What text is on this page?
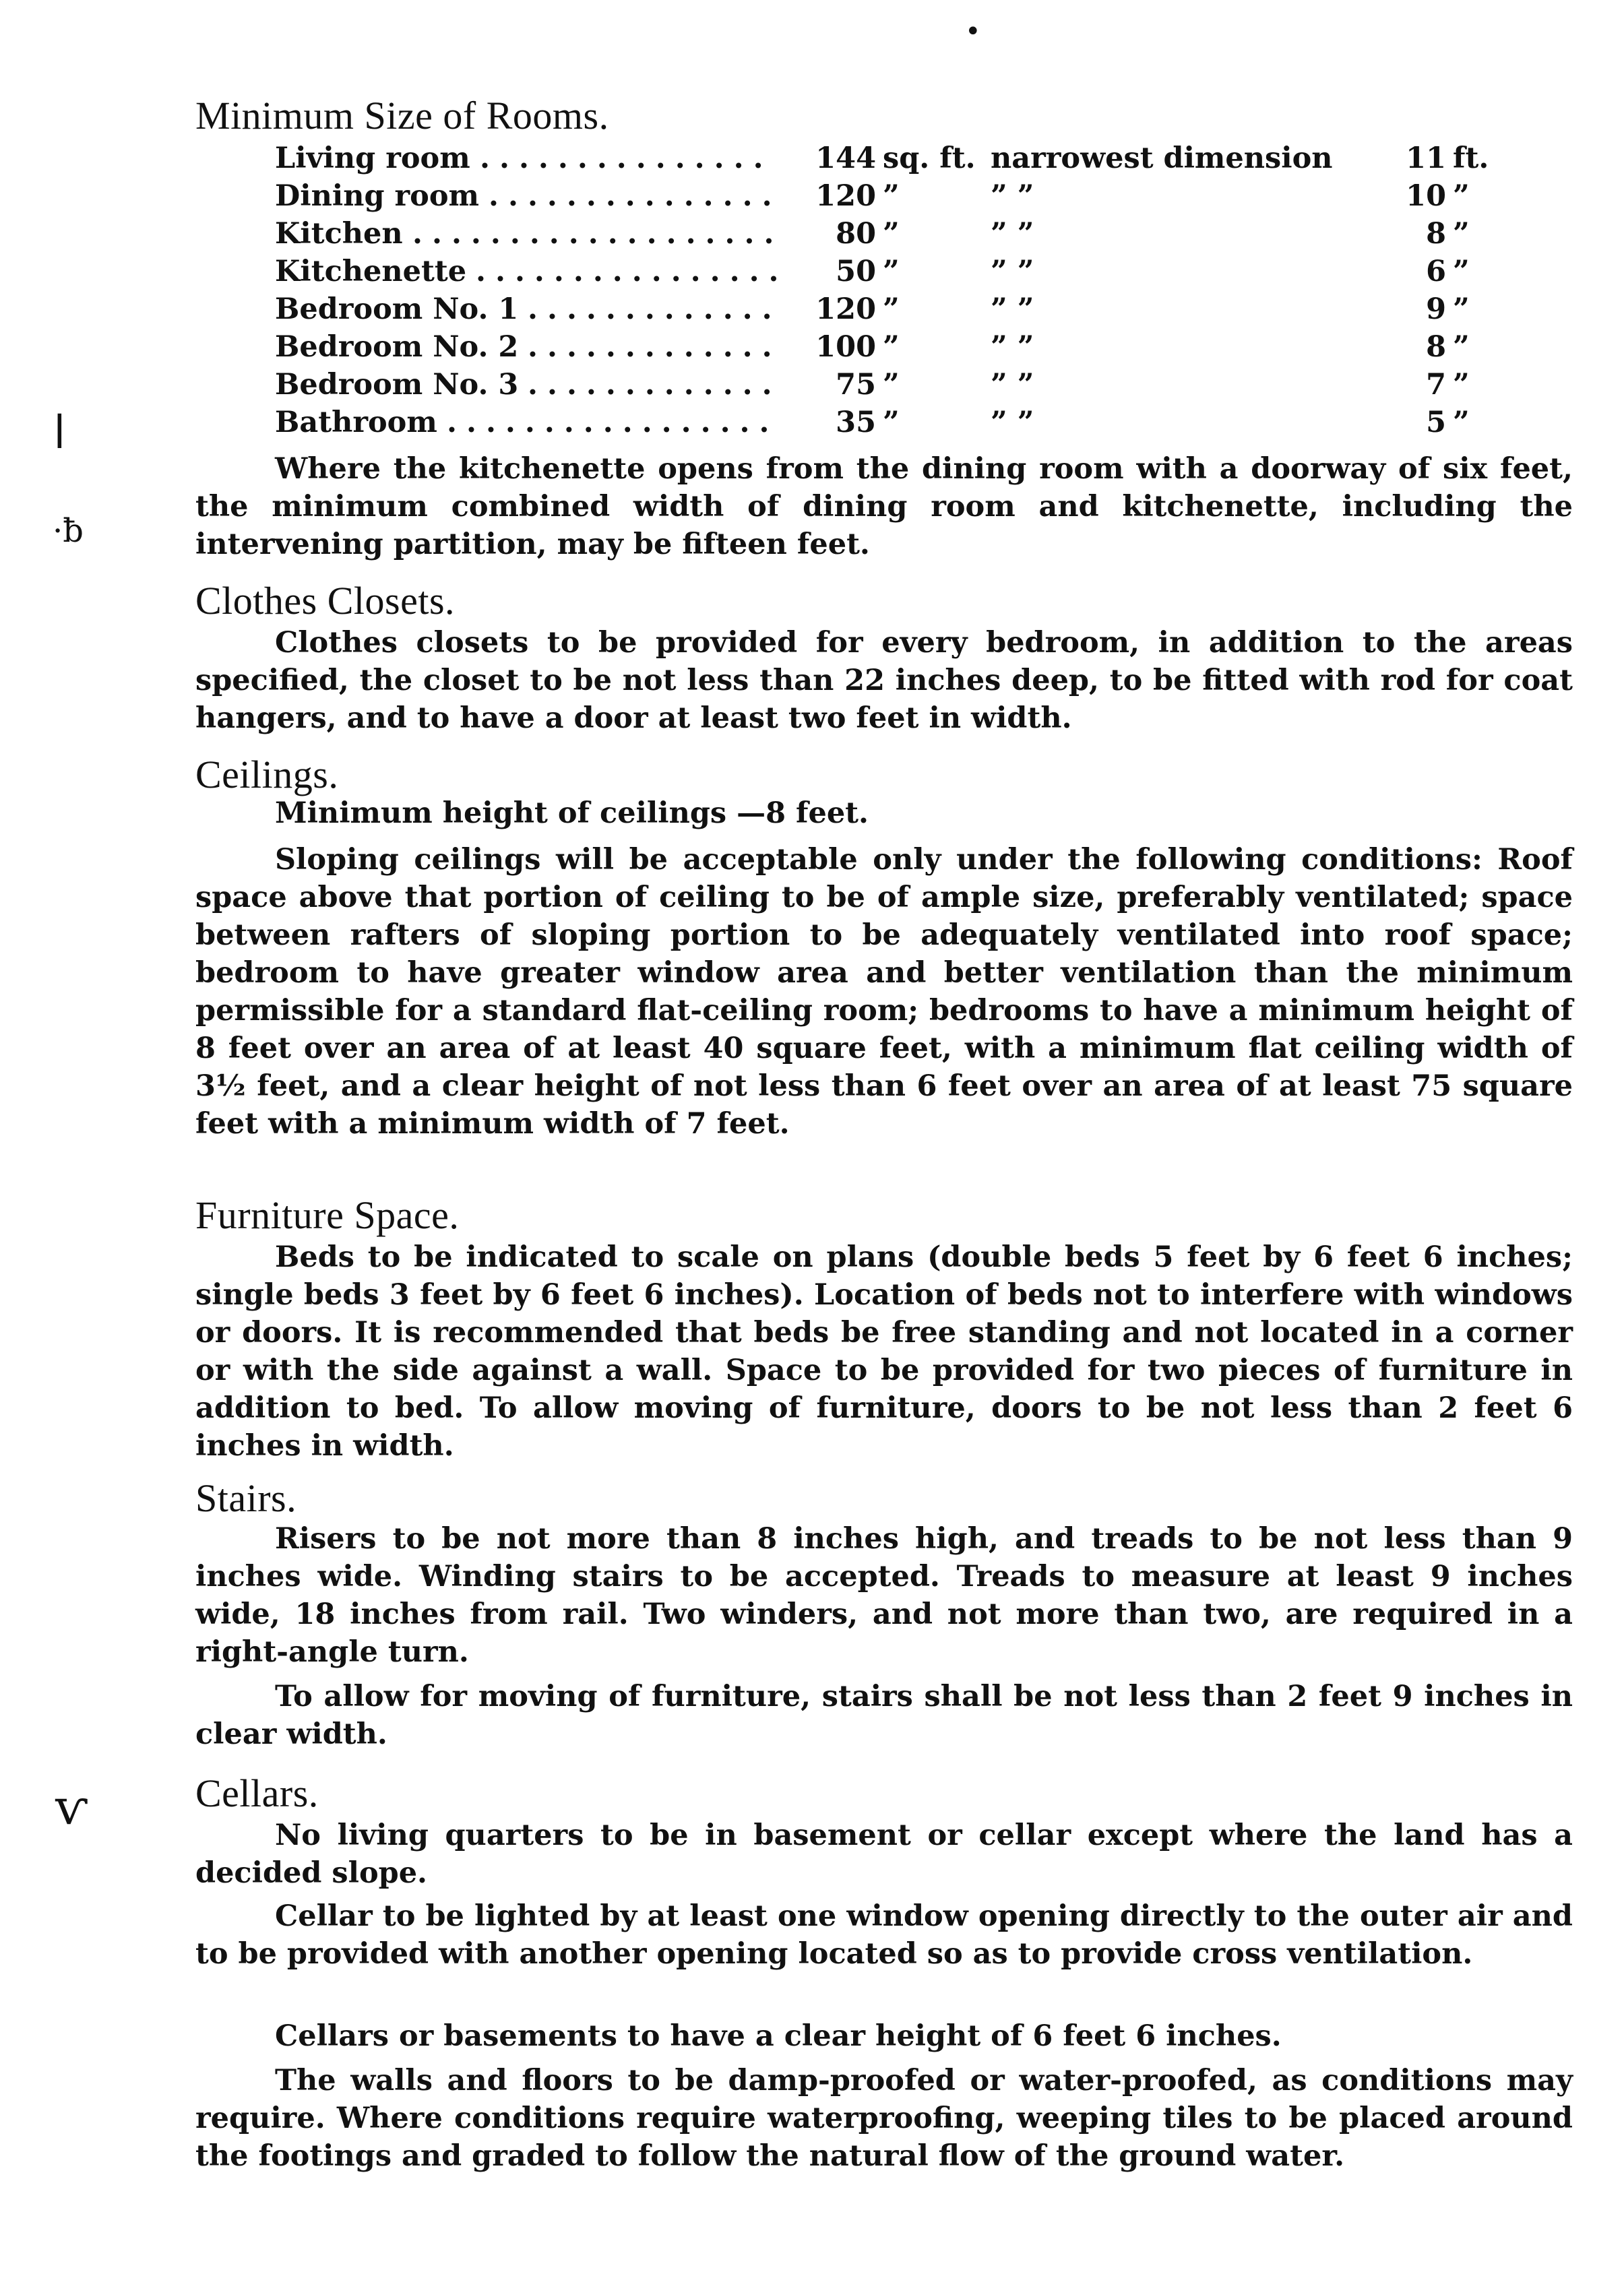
•
ǀ
·ƀ
ⱱ
Minimum Size of Rooms.
Living room	144 sq. ft. narrowest dimension	11 ft.
...............
Dining room	120 ”	” ”	10 ”
...............
Kitchen	80 ”	” ”	8 ”
...................
Kitchenette	50 ”	” ”	6 ”
................
Bedroom No. 1	120 ”	” ”	9 ”
.............
Bedroom No. 2	100 ”	” ”	8 ”
.............
Bedroom No. 3	75 ”	” ”	7 ”
.............
Bathroom	35 ”	” ”	5 ”
.................
Where the kitchenette opens from the dining room with a doorway of six feet, the minimum combined width of dining room and kitchenette, including the intervening partition, may be fifteen feet.
Clothes Closets.
Clothes closets to be provided for every bedroom, in addition to the areas specified, the closet to be not less than 22 inches deep, to be fitted with rod for coat hangers, and to have a door at least two feet in width.
Ceilings.
Minimum height of ceilings —8 feet.
Sloping ceilings will be acceptable only under the following conditions: Roof space above that portion of ceiling to be of ample size, preferably ventilated; space between rafters of sloping portion to be adequately ventilated into roof space; bedroom to have greater window area and better ventilation than the minimum permissible for a standard flat-ceiling room; bedrooms to have a minimum height of 8 feet over an area of at least 40 square feet, with a minimum flat ceiling width of 3½ feet, and a clear height of not less than 6 feet over an area of at least 75 square feet with a minimum width of 7 feet.
Furniture Space.
Beds to be indicated to scale on plans (double beds 5 feet by 6 feet 6 inches; single beds 3 feet by 6 feet 6 inches). Location of beds not to interfere with windows or doors. It is recommended that beds be free standing and not located in a corner or with the side against a wall. Space to be provided for two pieces of furniture in addition to bed. To allow moving of furniture, doors to be not less than 2 feet 6 inches in width.
Stairs.
Risers to be not more than 8 inches high, and treads to be not less than 9 inches wide. Winding stairs to be accepted. Treads to measure at least 9 inches wide, 18 inches from rail. Two winders, and not more than two, are required in a right-angle turn.
To allow for moving of furniture, stairs shall be not less than 2 feet 9 inches in clear width.
Cellars.
No living quarters to be in basement or cellar except where the land has a decided slope.
Cellar to be lighted by at least one window opening directly to the outer air and to be provided with another opening located so as to provide cross ventilation.
Cellars or basements to have a clear height of 6 feet 6 inches.
The walls and floors to be damp-proofed or water-proofed, as conditions may require. Where conditions require waterproofing, weeping tiles to be placed around the footings and graded to follow the natural flow of the ground water.
